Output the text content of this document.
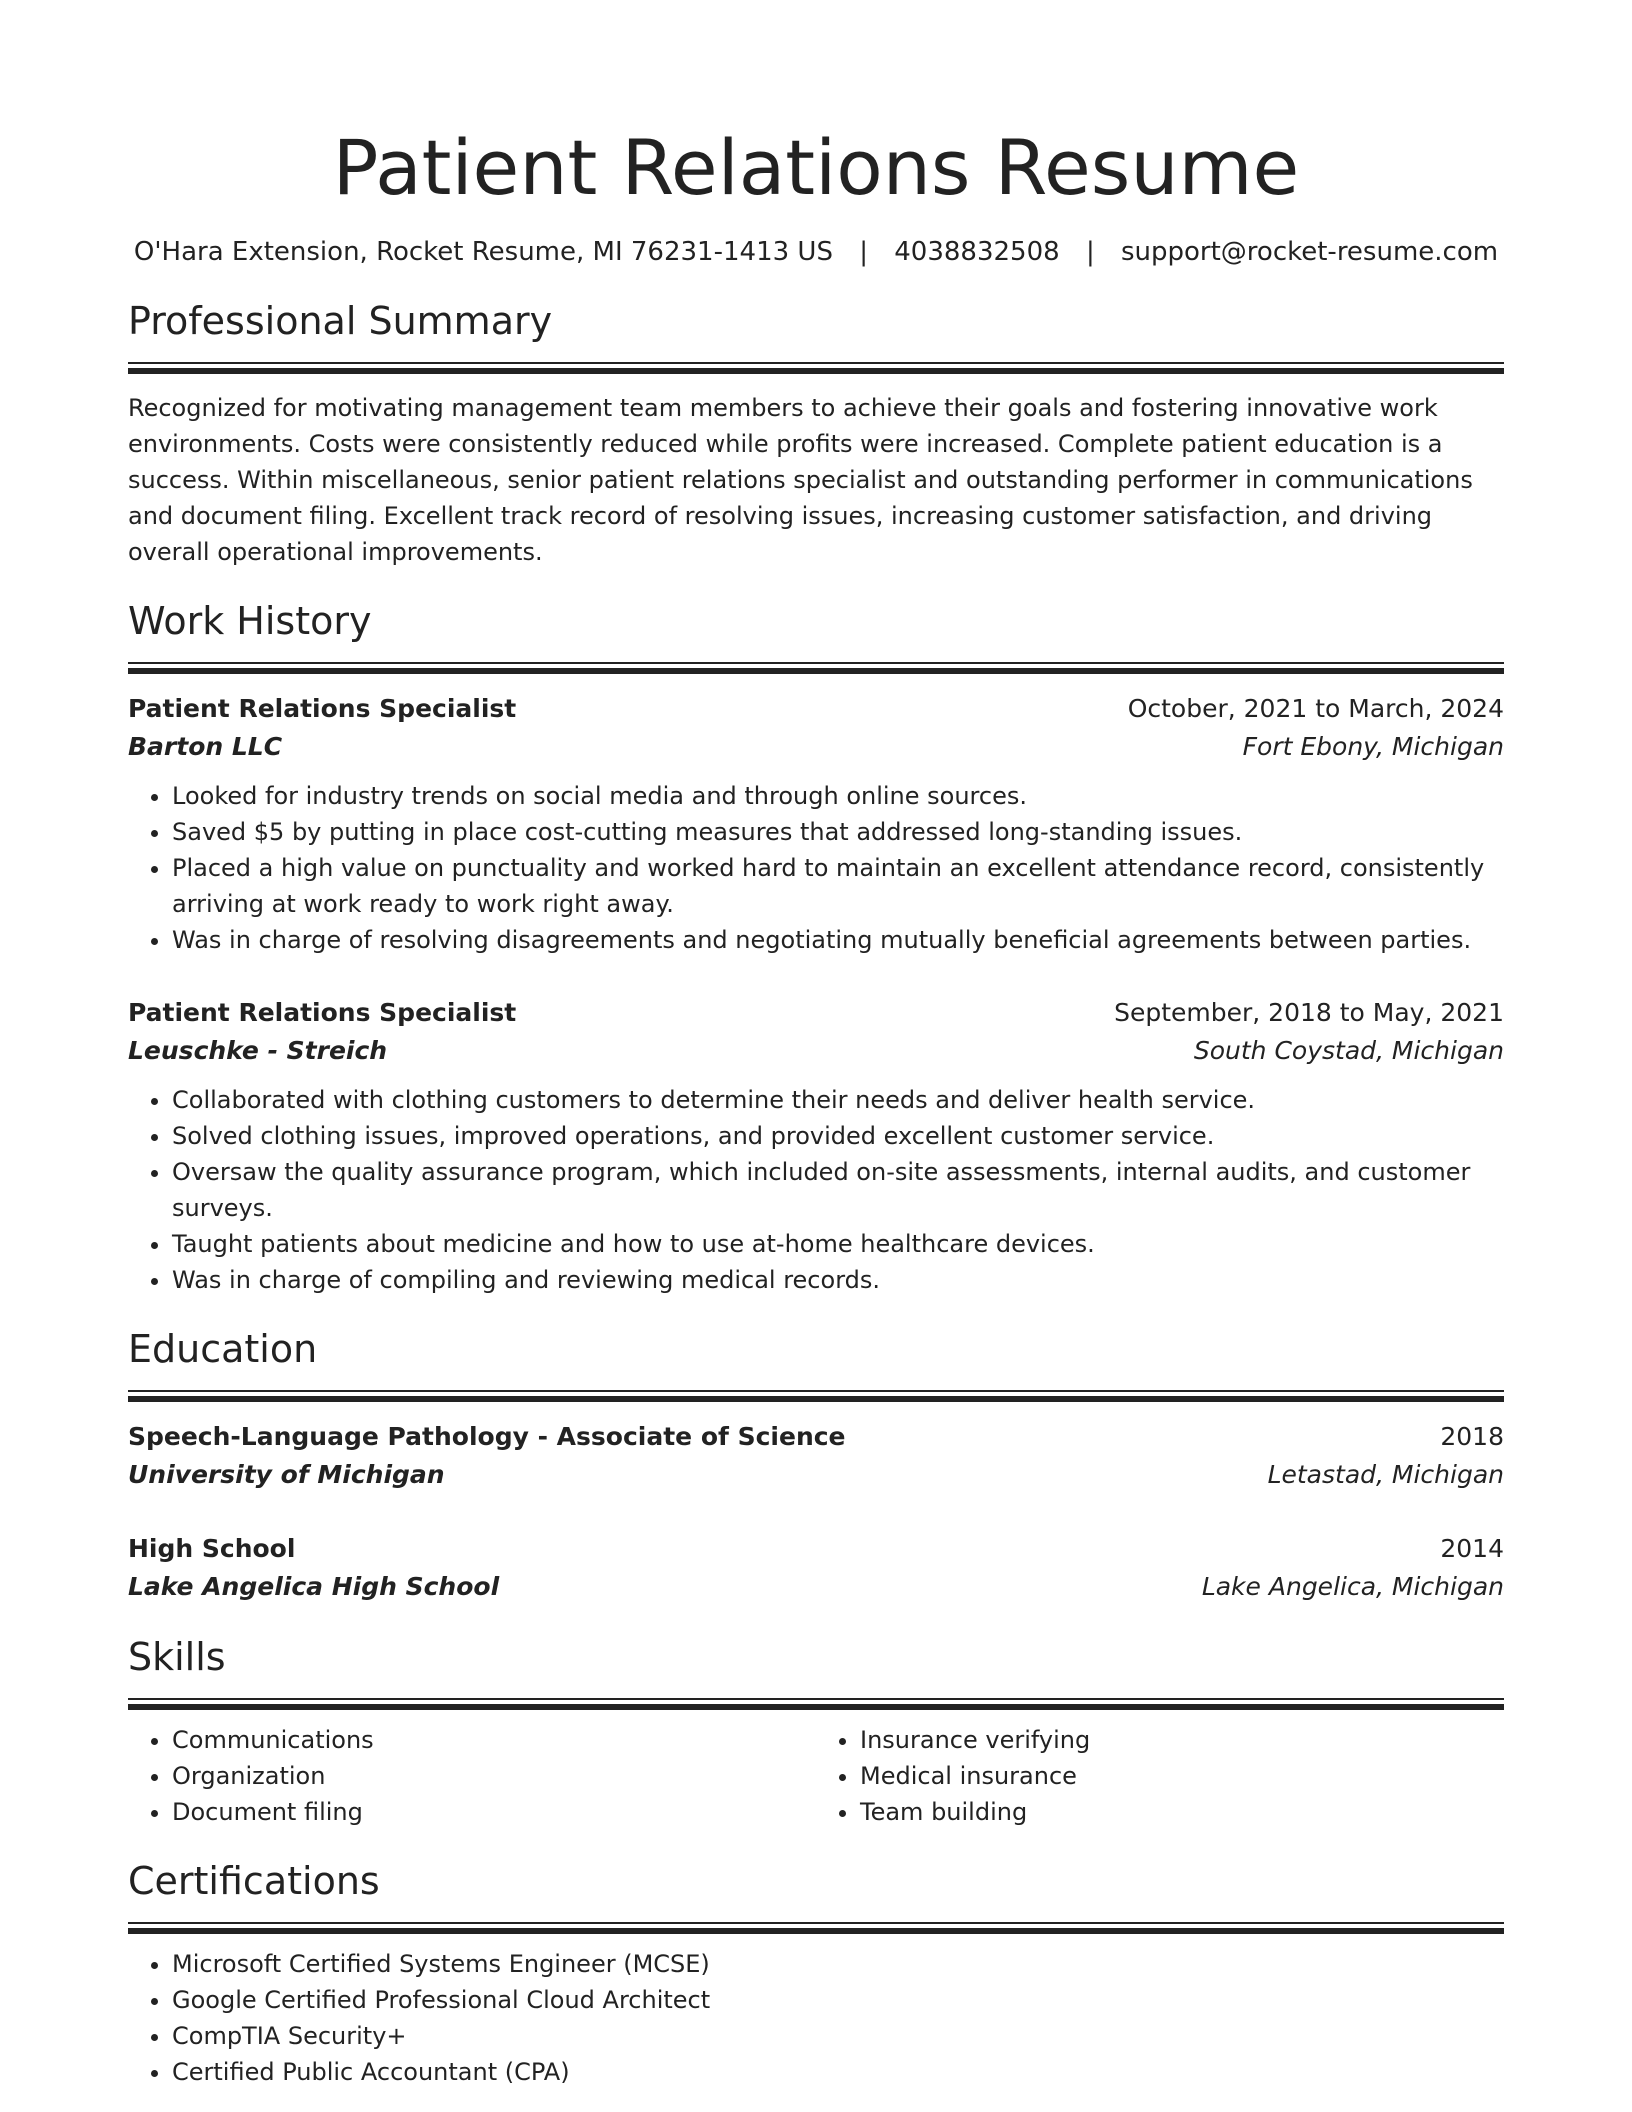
Patient Relations Resume
O'Hara Extension, Rocket Resume, MI 76231-1413 US | 4038832508 | support@rocket-resume.com
Professional Summary
Recognized for motivating management team members to achieve their goals and fostering innovative work environments. Costs were consistently reduced while profits were increased. Complete patient education is a success. Within miscellaneous, senior patient relations specialist and outstanding performer in communications and document filing. Excellent track record of resolving issues, increasing customer satisfaction, and driving overall operational improvements.
Work History
Patient Relations Specialist	October, 2021 to March, 2024
Barton LLC	Fort Ebony, Michigan
• Looked for industry trends on social media and through online sources.
• Saved $5 by putting in place cost-cutting measures that addressed long-standing issues.
• Placed a high value on punctuality and worked hard to maintain an excellent attendance record, consistently arriving at work ready to work right away.
• Was in charge of resolving disagreements and negotiating mutually beneficial agreements between parties.
Patient Relations Specialist	September, 2018 to May, 2021
Leuschke - Streich	South Coystad, Michigan
• Collaborated with clothing customers to determine their needs and deliver health service.
• Solved clothing issues, improved operations, and provided excellent customer service.
• Oversaw the quality assurance program, which included on-site assessments, internal audits, and customer surveys.
• Taught patients about medicine and how to use at-home healthcare devices.
• Was in charge of compiling and reviewing medical records.
Education
Speech-Language Pathology - Associate of Science	2018
University of Michigan	Letastad, Michigan
High School	2014
Lake Angelica High School	Lake Angelica, Michigan
Skills
• Communications
• Organization
• Document filing
• Insurance verifying
• Medical insurance
• Team building
Certifications
• Microsoft Certified Systems Engineer (MCSE)
• Google Certified Professional Cloud Architect
• CompTIA Security+
• Certified Public Accountant (CPA)
